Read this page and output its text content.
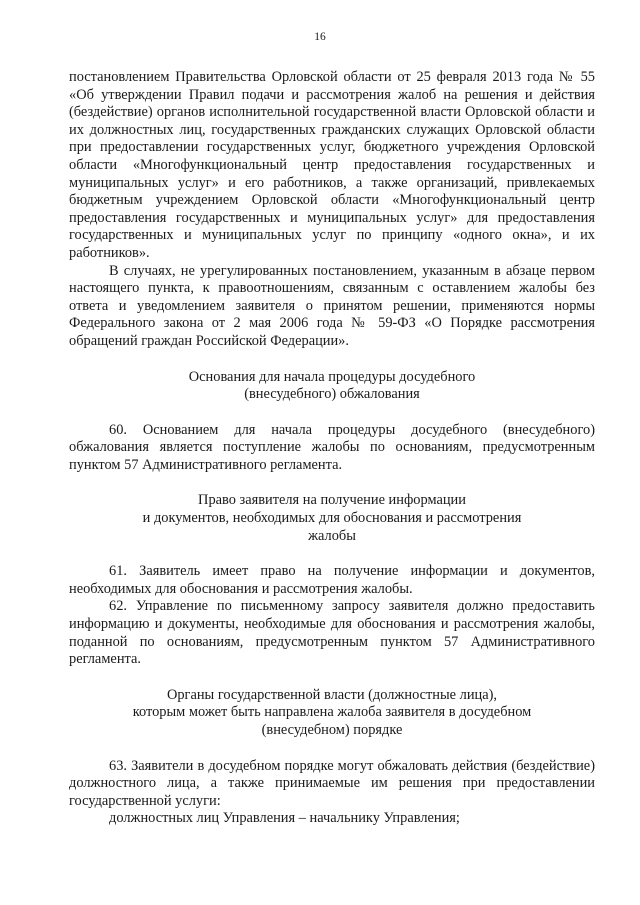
16

постановлением Правительства Орловской области от 25 февраля 2013 года № 55 «Об утверждении Правил подачи и рассмотрения жалоб на решения и действия (бездействие) органов исполнительной государственной власти Орловской области и их должностных лиц, государственных гражданских служащих Орловской области при предоставлении государственных услуг, бюджетного учреждения Орловской области «Многофункциональный центр предоставления государственных и муниципальных услуг» и его работников, а также организаций, привлекаемых бюджетным учреждением Орловской области «Многофункциональный центр предоставления государственных и муниципальных услуг» для предоставления государственных и муниципальных услуг по принципу «одного окна», и их работников».

В случаях, не урегулированных постановлением, указанным в абзаце первом настоящего пункта, к правоотношениям, связанным с оставлением жалобы без ответа и уведомлением заявителя о принятом решении, применяются нормы Федерального закона от 2 мая 2006 года № 59-ФЗ «О Порядке рассмотрения обращений граждан Российской Федерации».

Основания для начала процедуры досудебного
(внесудебного) обжалования

60. Основанием для начала процедуры досудебного (внесудебного) обжалования является поступление жалобы по основаниям, предусмотренным пунктом 57 Административного регламента.

Право заявителя на получение информации
и документов, необходимых для обоснования и рассмотрения
жалобы

61. Заявитель имеет право на получение информации и документов, необходимых для обоснования и рассмотрения жалобы.

62. Управление по письменному запросу заявителя должно предоставить информацию и документы, необходимые для обоснования и рассмотрения жалобы, поданной по основаниям, предусмотренным пунктом 57 Административного регламента.

Органы государственной власти (должностные лица),
которым может быть направлена жалоба заявителя в досудебном
(внесудебном) порядке

63. Заявители в досудебном порядке могут обжаловать действия (бездействие) должностного лица, а также принимаемые им решения при предоставлении государственной услуги:

должностных лиц Управления – начальнику Управления;
